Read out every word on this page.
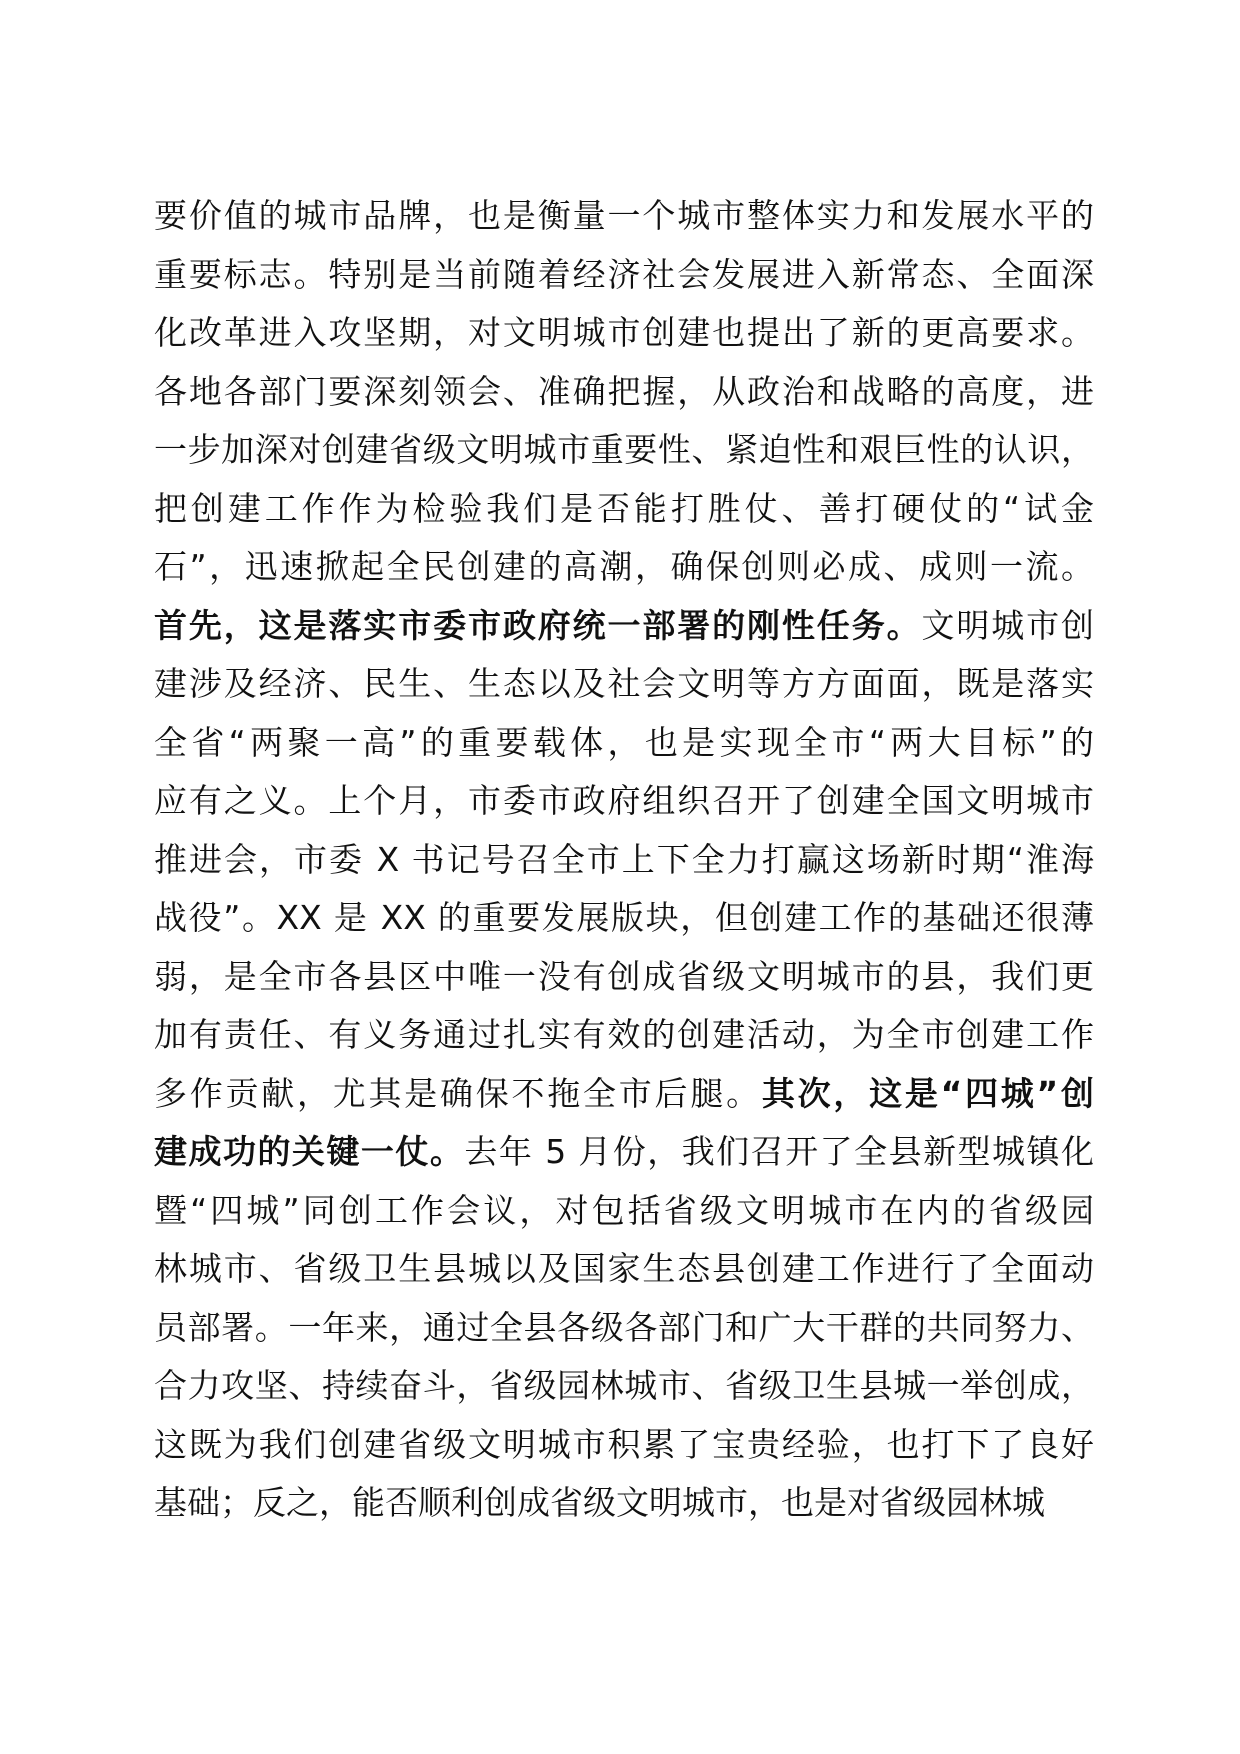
要价值的城市品牌，也是衡量一个城市整体实力和发展水平的
重要标志。特别是当前随着经济社会发展进入新常态、全面深
化改革进入攻坚期，对文明城市创建也提出了新的更高要求。
各地各部门要深刻领会、准确把握，从政治和战略的高度，进
一步加深对创建省级文明城市重要性、紧迫性和艰巨性的认识，
把创建工作作为检验我们是否能打胜仗、善打硬仗的“试金
石”，迅速掀起全民创建的高潮，确保创则必成、成则一流。
首先，这是落实市委市政府统一部署的刚性任务。文明城市创
建涉及经济、民生、生态以及社会文明等方方面面，既是落实
全省“两聚一高”的重要载体，也是实现全市“两大目标”的
应有之义。上个月，市委市政府组织召开了创建全国文明城市
推进会，市委 X 书记号召全市上下全力打赢这场新时期“淮海
战役”。XX 是 XX 的重要发展版块，但创建工作的基础还很薄
弱，是全市各县区中唯一没有创成省级文明城市的县，我们更
加有责任、有义务通过扎实有效的创建活动，为全市创建工作
多作贡献，尤其是确保不拖全市后腿。其次，这是“四城”创
建成功的关键一仗。去年 5 月份，我们召开了全县新型城镇化
暨“四城”同创工作会议，对包括省级文明城市在内的省级园
林城市、省级卫生县城以及国家生态县创建工作进行了全面动
员部署。一年来，通过全县各级各部门和广大干群的共同努力、
合力攻坚、持续奋斗，省级园林城市、省级卫生县城一举创成，
这既为我们创建省级文明城市积累了宝贵经验，也打下了良好
基础；反之，能否顺利创成省级文明城市，也是对省级园林城
